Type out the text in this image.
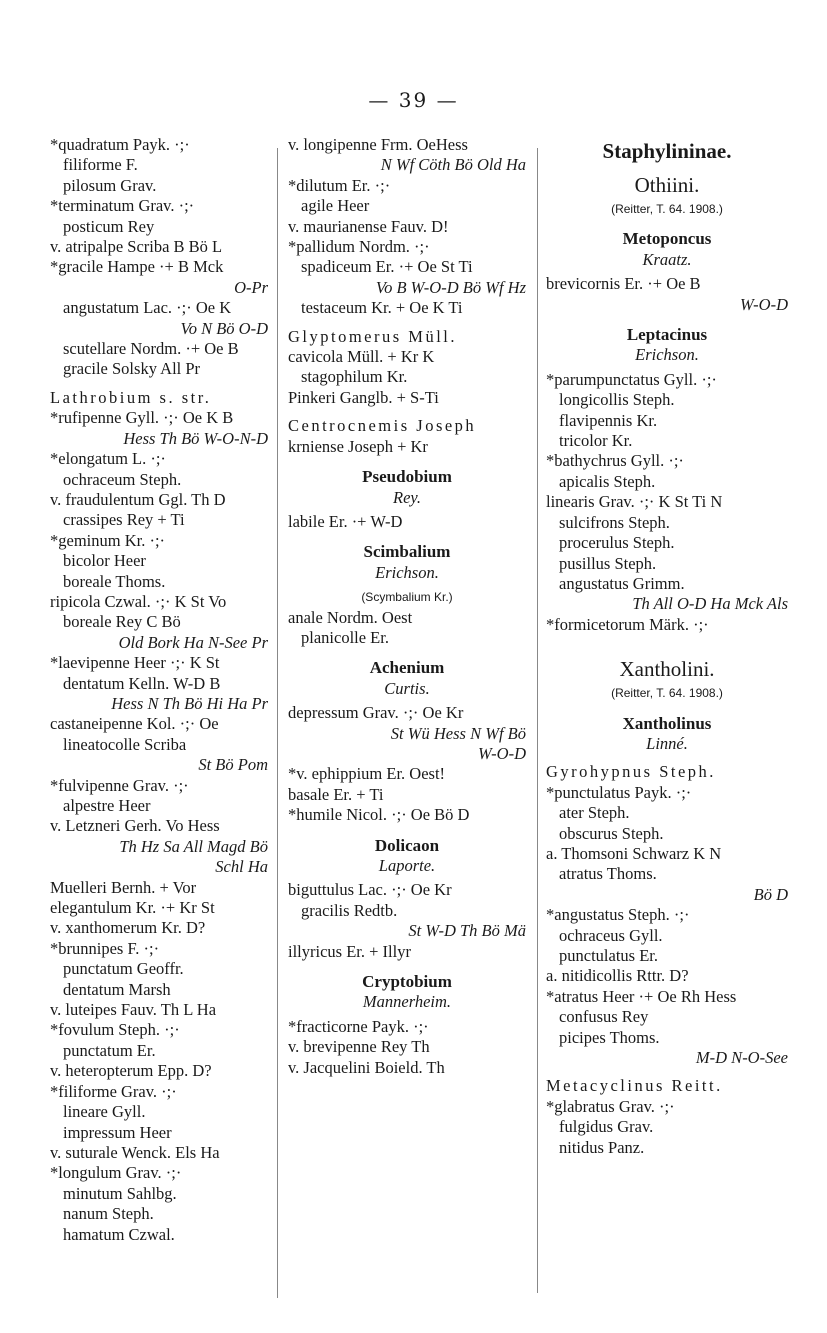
— 39 —
*quadratum Payk. ·;·
filiforme F.
pilosum Grav.
*terminatum Grav. ·;·
posticum Rey
v. atripalpe Scriba B Bö L
*gracile Hampe ·+ B Mck
O-Pr
angustatum Lac. ·;· Oe K
Vo N Bö O-D
scutellare Nordm. ·+ Oe B
gracile Solsky All Pr
Lathrobium s. str.
*rufipenne Gyll. ·;· Oe K B
Hess Th Bö W-O-N-D
*elongatum L. ·;·
ochraceum Steph.
v. fraudulentum Ggl. Th D
crassipes Rey + Ti
*geminum Kr. ·;·
bicolor Heer
boreale Thoms.
ripicola Czwal. ·;· K St Vo
boreale Rey C Bö
Old Bork Ha N-See Pr
*laevipenne Heer ·;· K St
dentatum Kelln. W-D B
Hess N Th Bö Hi Ha Pr
castaneipenne Kol. ·;· Oe
lineatocolle Scriba
St Bö Pom
*fulvipenne Grav. ·;·
alpestre Heer
v. Letzneri Gerh. Vo Hess
Th Hz Sa All Magd Bö
Schl Ha
Muelleri Bernh. + Vor
elegantulum Kr. ·+ Kr St
v. xanthomerum Kr. D?
*brunnipes F. ·;·
punctatum Geoffr.
dentatum Marsh
v. luteipes Fauv. Th L Ha
*fovulum Steph. ·;·
punctatum Er.
v. heteropterum Epp. D?
*filiforme Grav. ·;·
lineare Gyll.
impressum Heer
v. suturale Wenck. Els Ha
*longulum Grav. ·;·
minutum Sahlbg.
nanum Steph.
hamatum Czwal.
v. longipenne Frm. OeHess
N Wf Cöth Bö Old Ha
*dilutum Er. ·;·
agile Heer
v. maurianense Fauv. D!
*pallidum Nordm. ·;·
spadiceum Er. ·+ Oe St Ti
Vo B W-O-D Bö Wf Hz
testaceum Kr. + Oe K Ti
Glyptomerus Müll.
cavicola Müll. + Kr K
stagophilum Kr.
Pinkeri Ganglb. + S-Ti
Centrocnemis Joseph
krniense Joseph + Kr
Pseudobium
Rey.
labile Er. ·+ W-D
Scimbalium
Erichson.
(Scymbalium Kr.)
anale Nordm. Oest
planicolle Er.
Achenium
Curtis.
depressum Grav. ·;· Oe Kr
St Wü Hess N Wf Bö
W-O-D
*v. ephippium Er. Oest!
basale Er. + Ti
*humile Nicol. ·;· Oe Bö D
Dolicaon
Laporte.
biguttulus Lac. ·;· Oe Kr
gracilis Redtb.
St W-D Th Bö Mä
illyricus Er. + Illyr
Cryptobium
Mannerheim.
*fracticorne Payk. ·;·
v. brevipenne Rey Th
v. Jacquelini Boield. Th
Staphylininae.
Othiini.
(Reitter, T. 64. 1908.)
Metoponcus
Kraatz.
brevicornis Er. ·+ Oe B
W-O-D
Leptacinus
Erichson.
*parumpunctatus Gyll. ·;·
longicollis Steph.
flavipennis Kr.
tricolor Kr.
*bathychrus Gyll. ·;·
apicalis Steph.
linearis Grav. ·;· K St Ti N
sulcifrons Steph.
procerulus Steph.
pusillus Steph.
angustatus Grimm.
Th All O-D Ha Mck Als
*formicetorum Märk. ·;·
Xantholini.
(Reitter, T. 64. 1908.)
Xantholinus
Linné.
Gyrohypnus Steph.
*punctulatus Payk. ·;·
ater Steph.
obscurus Steph.
a. Thomsoni Schwarz K N
atratus Thoms.
Bö D
*angustatus Steph. ·;·
ochraceus Gyll.
punctulatus Er.
a. nitidicollis Rttr. D?
*atratus Heer ·+ Oe Rh Hess
confusus Rey
picipes Thoms.
M-D N-O-See
Metacyclinus Reitt.
*glabratus Grav. ·;·
fulgidus Grav.
nitidus Panz.
